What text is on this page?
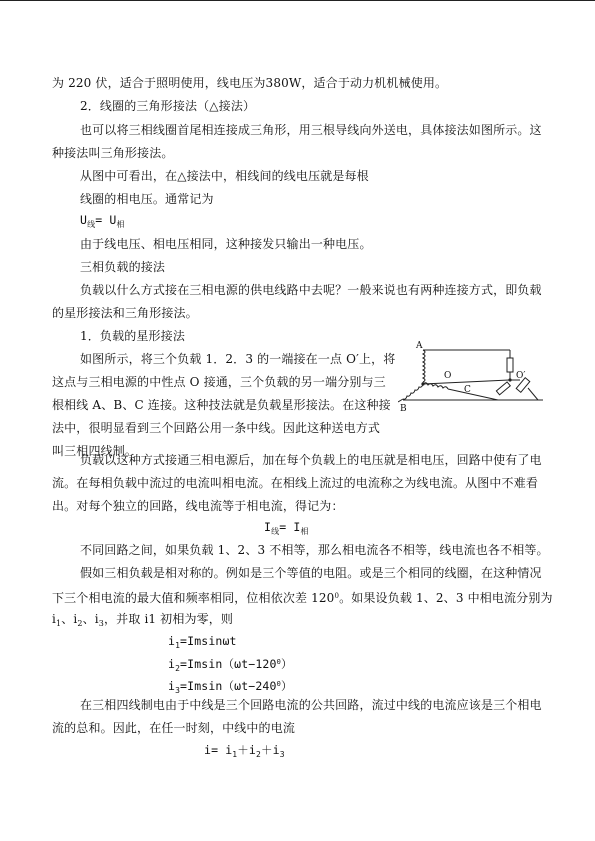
为 220 伏，适合于照明使用，线电压为380W，适合于动力机机械使用。
2．线圈的三角形接法（△接法）
也可以将三相线圈首尾相连接成三角形，用三根导线向外送电，具体接法如图所示。这
种接法叫三角形接法。
从图中可看出，在△接法中，相线间的线电压就是每根
线圈的相电压。通常记为
$U_线= U_相$
由于线电压、相电压相同，这种接发只输出一种电压。
三相负载的接法
负载以什么方式接在三相电源的供电线路中去呢？一般来说也有两种连接方式，即负载
的星形接法和三角形接法。
1．负载的星形接法
如图所示，将三个负载 1．2．3 的一端接在一点 O′上，将
这点与三相电源的中性点 O 接通，三个负载的另一端分别与三
根相线 A、B、C 连接。这种技法就是负载星形接法。在这种接
法中，很明显看到三个回路公用一条中线。因此这种送电方式
叫三相四线制。
A
O	O′
C
B
负载以这种方式接通三相电源后，加在每个负载上的电压就是相电压，回路中使有了电
流。在每相负载中流过的电流叫相电流。在相线上流过的电流称之为线电流。从图中不难看
出。对每个独立的回路，线电流等于相电流，得记为：
$I_线= I_相$
不同回路之间，如果负载 1、2、3 不相等，那么相电流各不相等，线电流也各不相等。
假如三相负载是相对称的。例如是三个等值的电阻。或是三个相同的线圈，在这种情况
下三个相电流的最大值和频率相同，位相依次差 $120^0$。如果设负载 1、2、3 中相电流分别为
$i_1$、$i_2$、$i_3$，并取 i1 初相为零，则
$i_1=Imsin\omega t$
$i_2=Imsin(\omega t-120^0)$
$i_3=Imsin(\omega t-240^0)$
在三相四线制电由于中线是三个回路电流的公共回路，流过中线的电流应该是三个相电
流的总和。因此，在任一时刻，中线中的电流
$i= i_1+i_2+i_3$
